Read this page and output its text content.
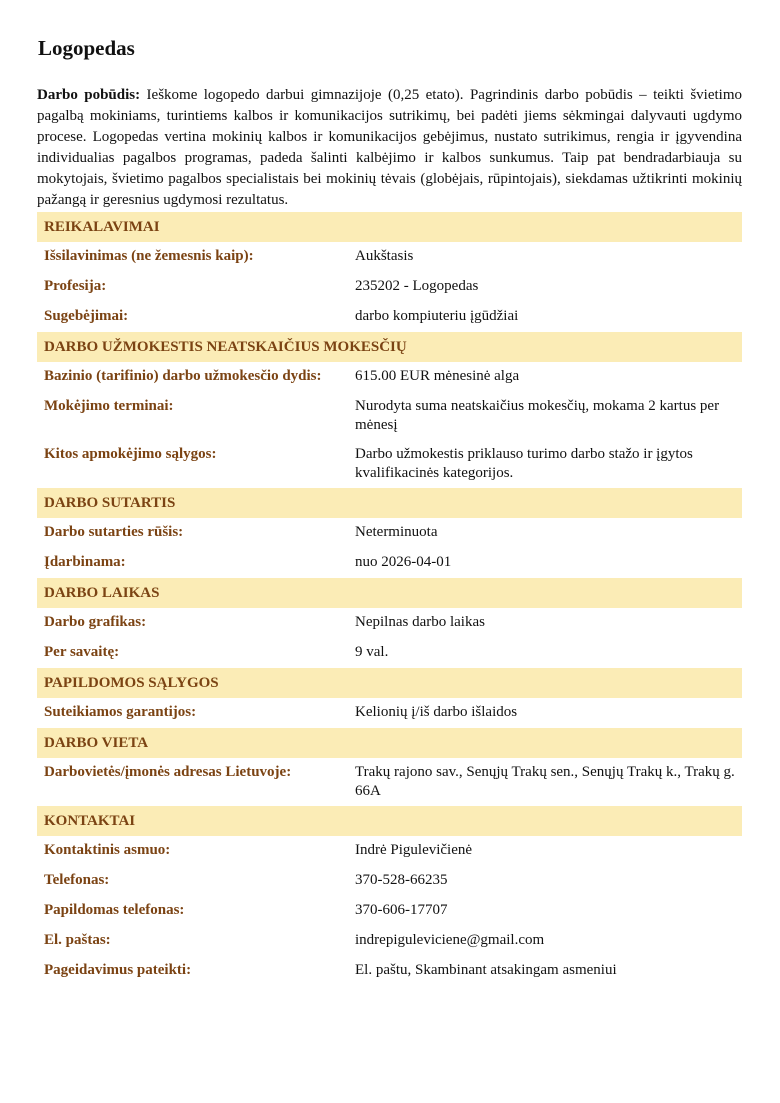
Logopedas

Darbo pobūdis: Ieškome logopedo darbui gimnazijoje (0,25 etato). Pagrindinis darbo pobūdis – teikti švietimo pagalbą mokiniams, turintiems kalbos ir komunikacijos sutrikimų, bei padėti jiems sėkmingai dalyvauti ugdymo procese. Logopedas vertina mokinių kalbos ir komunikacijos gebėjimus, nustato sutrikimus, rengia ir įgyvendina individualias pagalbos programas, padeda šalinti kalbėjimo ir kalbos sunkumus. Taip pat bendradarbiauja su mokytojais, švietimo pagalbos specialistais bei mokinių tėvais (globėjais, rūpintojais), siekdamas užtikrinti mokinių pažangą ir geresnius ugdymosi rezultatus.

REIKALAVIMAI
Išsilavinimas (ne žemesnis kaip):	Aukštasis
Profesija:	235202 - Logopedas
Sugebėjimai:	darbo kompiuteriu įgūdžiai
DARBO UŽMOKESTIS NEATSKAIČIUS MOKESČIŲ
Bazinio (tarifinio) darbo užmokesčio dydis:	615.00 EUR mėnesinė alga
Mokėjimo terminai:	Nurodyta suma neatskaičius mokesčių, mokama 2 kartus per mėnesį
Kitos apmokėjimo sąlygos:	Darbo užmokestis priklauso turimo darbo stažo ir įgytos kvalifikacinės kategorijos.
DARBO SUTARTIS
Darbo sutarties rūšis:	Neterminuota
Įdarbinama:	nuo 2026-04-01
DARBO LAIKAS
Darbo grafikas:	Nepilnas darbo laikas
Per savaitę:	9 val.
PAPILDOMOS SĄLYGOS
Suteikiamos garantijos:	Kelionių į/iš darbo išlaidos
DARBO VIETA
Darbovietės/įmonės adresas Lietuvoje:	Trakų rajono sav., Senųjų Trakų sen., Senųjų Trakų k., Trakų g. 66A
KONTAKTAI
Kontaktinis asmuo:	Indrė Pigulevičienė
Telefonas:	370-528-66235
Papildomas telefonas:	370-606-17707
El. paštas:	indrepiguleviciene@gmail.com
Pageidavimus pateikti:	El. paštu, Skambinant atsakingam asmeniui
